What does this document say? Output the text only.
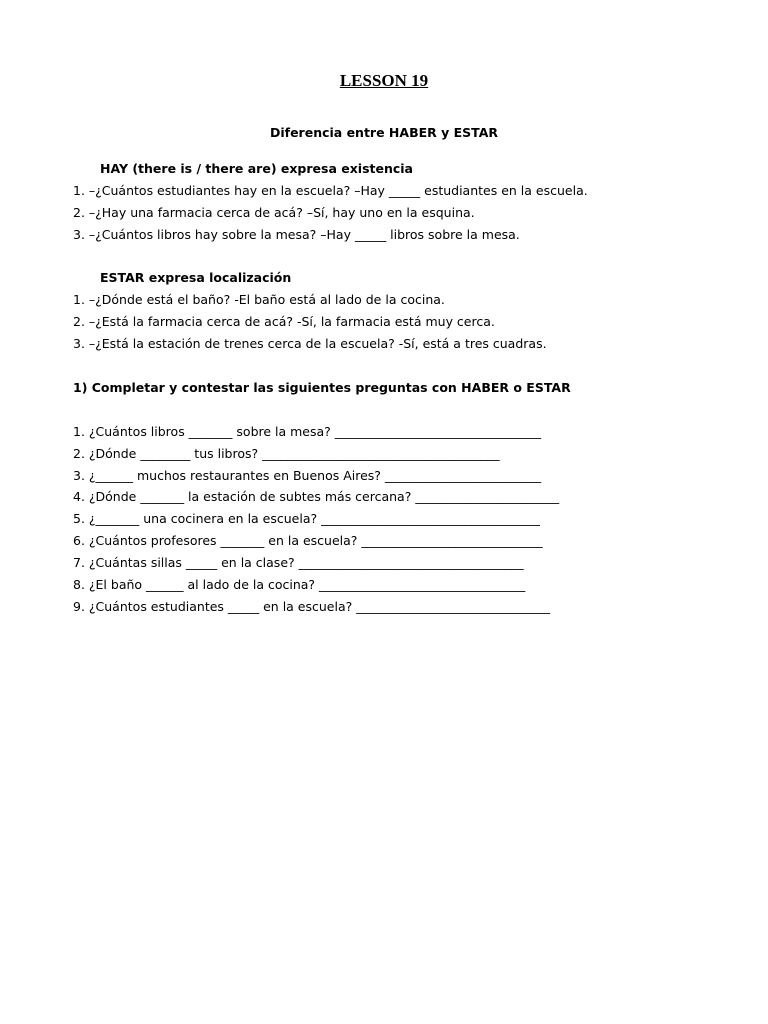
LESSON 19
Diferencia entre HABER y ESTAR
HAY (there is / there are) expresa existencia
1. –¿Cuántos estudiantes hay en la escuela? –Hay _____ estudiantes en la escuela.
2. –¿Hay una farmacia cerca de acá? –Sí, hay uno en la esquina.
3. –¿Cuántos libros hay sobre la mesa? –Hay _____ libros sobre la mesa.
ESTAR expresa localización
1. –¿Dónde está el baño? -El baño está al lado de la cocina.
2. –¿Está la farmacia cerca de acá? -Sí, la farmacia está muy cerca.
3. –¿Está la estación de trenes cerca de la escuela? -Sí, está a tres cuadras.
1) Completar y contestar las siguientes preguntas con HABER o ESTAR
1. ¿Cuántos libros _______ sobre la mesa? _________________________________
2. ¿Dónde ________ tus libros? ______________________________________
3. ¿______ muchos restaurantes en Buenos Aires? _________________________
4. ¿Dónde _______ la estación de subtes más cercana? _______________________
5. ¿_______ una cocinera en la escuela? ___________________________________
6. ¿Cuántos profesores _______ en la escuela? _____________________________
7. ¿Cuántas sillas _____ en la clase? ____________________________________
8. ¿El baño ______ al lado de la cocina? _________________________________
9. ¿Cuántos estudiantes _____ en la escuela? _______________________________
